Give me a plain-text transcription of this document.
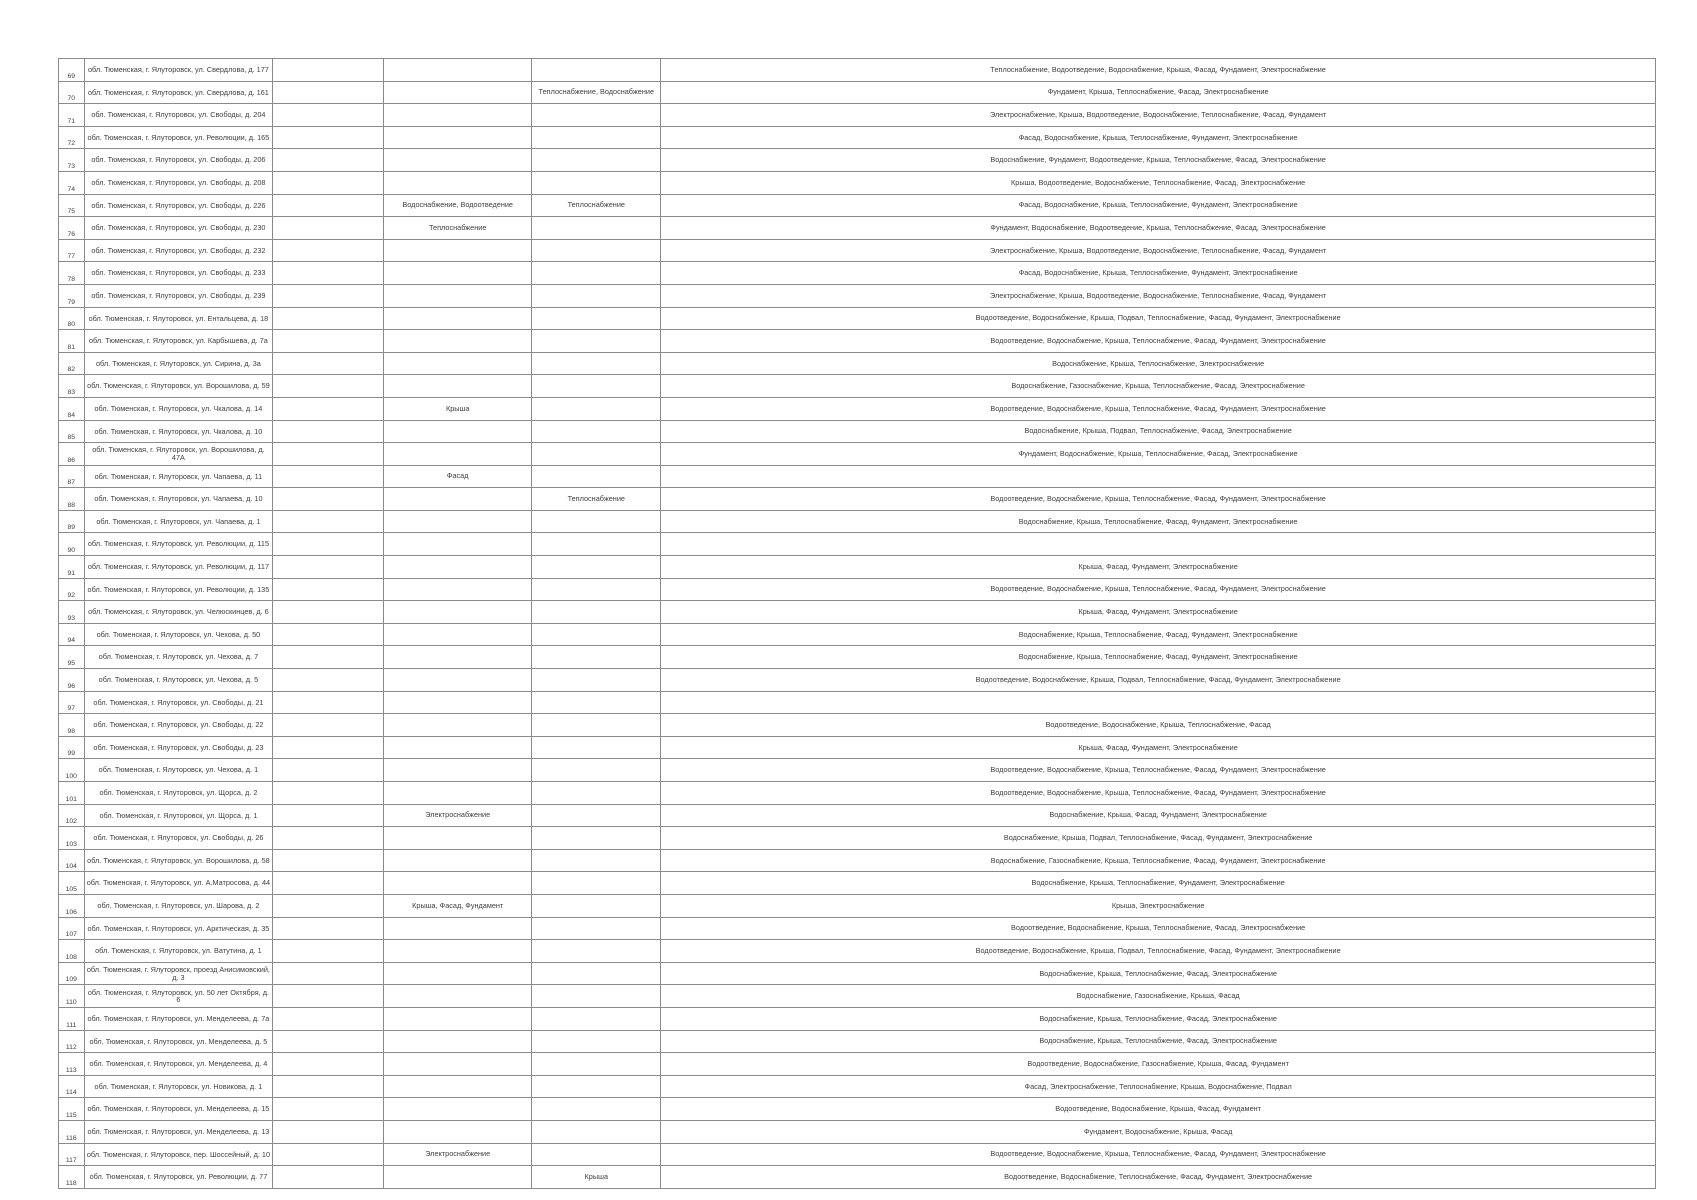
69	обл. Тюменская, г. Ялуторовск, ул. Свердлова, д. 177				Теплоснабжение, Водоотведение, Водоснабжение, Крыша, Фасад, Фундамент, Электроснабжение
70	обл. Тюменская, г. Ялуторовск, ул. Свердлова, д. 161			Теплоснабжение, Водоснабжение	Фундамент, Крыша, Теплоснабжение, Фасад, Электроснабжение
71	обл. Тюменская, г. Ялуторовск, ул. Свободы, д. 204				Электроснабжение, Крыша, Водоотведение, Водоснабжение, Теплоснабжение, Фасад, Фундамент
72	обл. Тюменская, г. Ялуторовск, ул. Революции, д. 165				Фасад, Водоснабжение, Крыша, Теплоснабжение, Фундамент, Электроснабжение
73	обл. Тюменская, г. Ялуторовск, ул. Свободы, д. 206				Водоснабжение, Фундамент, Водоотведение, Крыша, Теплоснабжение, Фасад, Электроснабжение
74	обл. Тюменская, г. Ялуторовск, ул. Свободы, д. 208				Крыша, Водоотведение, Водоснабжение, Теплоснабжение, Фасад, Электроснабжение
75	обл. Тюменская, г. Ялуторовск, ул. Свободы, д. 226		Водоснабжение, Водоотведение	Теплоснабжение	Фасад, Водоснабжение, Крыша, Теплоснабжение, Фундамент, Электроснабжение
76	обл. Тюменская, г. Ялуторовск, ул. Свободы, д. 230		Теплоснабжение		Фундамент, Водоснабжение, Водоотведение, Крыша, Теплоснабжение, Фасад, Электроснабжение
77	обл. Тюменская, г. Ялуторовск, ул. Свободы, д. 232				Электроснабжение, Крыша, Водоотведение, Водоснабжение, Теплоснабжение, Фасад, Фундамент
78	обл. Тюменская, г. Ялуторовск, ул. Свободы, д. 233				Фасад, Водоснабжение, Крыша, Теплоснабжение, Фундамент, Электроснабжение
79	обл. Тюменская, г. Ялуторовск, ул. Свободы, д. 239				Электроснабжение, Крыша, Водоотведение, Водоснабжение, Теплоснабжение, Фасад, Фундамент
80	обл. Тюменская, г. Ялуторовск, ул. Ентальцева, д. 18				Водоотведение, Водоснабжение, Крыша, Подвал, Теплоснабжение, Фасад, Фундамент, Электроснабжение
81	обл. Тюменская, г. Ялуторовск, ул. Карбышева, д. 7а				Водоотведение, Водоснабжение, Крыша, Теплоснабжение, Фасад, Фундамент, Электроснабжение
82	обл. Тюменская, г. Ялуторовск, ул. Сирина, д. 3а				Водоснабжение, Крыша, Теплоснабжение, Электроснабжение
83	обл. Тюменская, г. Ялуторовск, ул. Ворошилова, д. 59				Водоснабжение, Газоснабжение, Крыша, Теплоснабжение, Фасад, Электроснабжение
84	обл. Тюменская, г. Ялуторовск, ул. Чкалова, д. 14		Крыша		Водоотведение, Водоснабжение, Крыша, Теплоснабжение, Фасад, Фундамент, Электроснабжение
85	обл. Тюменская, г. Ялуторовск, ул. Чкалова, д. 10				Водоснабжение, Крыша, Подвал, Теплоснабжение, Фасад, Электроснабжение
86	обл. Тюменская, г. Ялуторовск, ул. Ворошилова, д. 47А				Фундамент, Водоснабжение, Крыша, Теплоснабжение, Фасад, Электроснабжение
87	обл. Тюменская, г. Ялуторовск, ул. Чапаева, д. 11		Фасад		
88	обл. Тюменская, г. Ялуторовск, ул. Чапаева, д. 10			Теплоснабжение	Водоотведение, Водоснабжение, Крыша, Теплоснабжение, Фасад, Фундамент, Электроснабжение
89	обл. Тюменская, г. Ялуторовск, ул. Чапаева, д. 1				Водоснабжение, Крыша, Теплоснабжение, Фасад, Фундамент, Электроснабжение
90	обл. Тюменская, г. Ялуторовск, ул. Революции, д. 115				
91	обл. Тюменская, г. Ялуторовск, ул. Революции, д. 117				Крыша, Фасад, Фундамент, Электроснабжение
92	обл. Тюменская, г. Ялуторовск, ул. Революции, д. 135				Водоотведение, Водоснабжение, Крыша, Теплоснабжение, Фасад, Фундамент, Электроснабжение
93	обл. Тюменская, г. Ялуторовск, ул. Челюскинцев, д. 6				Крыша, Фасад, Фундамент, Электроснабжение
94	обл. Тюменская, г. Ялуторовск, ул. Чехова, д. 50				Водоснабжение, Крыша, Теплоснабжение, Фасад, Фундамент, Электроснабжение
95	обл. Тюменская, г. Ялуторовск, ул. Чехова, д. 7				Водоснабжение, Крыша, Теплоснабжение, Фасад, Фундамент, Электроснабжение
96	обл. Тюменская, г. Ялуторовск, ул. Чехова, д. 5				Водоотведение, Водоснабжение, Крыша, Подвал, Теплоснабжение, Фасад, Фундамент, Электроснабжение
97	обл. Тюменская, г. Ялуторовск, ул. Свободы, д. 21				
98	обл. Тюменская, г. Ялуторовск, ул. Свободы, д. 22				Водоотведение, Водоснабжение, Крыша, Теплоснабжение, Фасад
99	обл. Тюменская, г. Ялуторовск, ул. Свободы, д. 23				Крыша, Фасад, Фундамент, Электроснабжение
100	обл. Тюменская, г. Ялуторовск, ул. Чехова, д. 1				Водоотведение, Водоснабжение, Крыша, Теплоснабжение, Фасад, Фундамент, Электроснабжение
101	обл. Тюменская, г. Ялуторовск, ул. Щорса, д. 2				Водоотведение, Водоснабжение, Крыша, Теплоснабжение, Фасад, Фундамент, Электроснабжение
102	обл. Тюменская, г. Ялуторовск, ул. Щорса, д. 1		Электроснабжение		Водоснабжение, Крыша, Фасад, Фундамент, Электроснабжение
103	обл. Тюменская, г. Ялуторовск, ул. Свободы, д. 26				Водоснабжение, Крыша, Подвал, Теплоснабжение, Фасад, Фундамент, Электроснабжение
104	обл. Тюменская, г. Ялуторовск, ул. Ворошилова, д. 58				Водоснабжение, Газоснабжение, Крыша, Теплоснабжение, Фасад, Фундамент, Электроснабжение
105	обл. Тюменская, г. Ялуторовск, ул. А.Матросова, д. 44				Водоснабжение, Крыша, Теплоснабжение, Фундамент, Электроснабжение
106	обл. Тюменская, г. Ялуторовск, ул. Шарова, д. 2		Крыша, Фасад, Фундамент		Крыша, Электроснабжение
107	обл. Тюменская, г. Ялуторовск, ул. Арктическая, д. 35				Водоотведение, Водоснабжение, Крыша, Теплоснабжение, Фасад, Электроснабжение
108	обл. Тюменская, г. Ялуторовск, ул. Ватутина, д. 1				Водоотведение, Водоснабжение, Крыша, Подвал, Теплоснабжение, Фасад, Фундамент, Электроснабжение
109	обл. Тюменская, г. Ялуторовск, проезд Анисимовский, д. 3				Водоснабжение, Крыша, Теплоснабжение, Фасад, Электроснабжение
110	обл. Тюменская, г. Ялуторовск, ул. 50 лет Октября, д. 6				Водоснабжение, Газоснабжение, Крыша, Фасад
111	обл. Тюменская, г. Ялуторовск, ул. Менделеева, д. 7а				Водоснабжение, Крыша, Теплоснабжение, Фасад, Электроснабжение
112	обл. Тюменская, г. Ялуторовск, ул. Менделеева, д. 5				Водоснабжение, Крыша, Теплоснабжение, Фасад, Электроснабжение
113	обл. Тюменская, г. Ялуторовск, ул. Менделеева, д. 4				Водоотведение, Водоснабжение, Газоснабжение, Крыша, Фасад, Фундамент
114	обл. Тюменская, г. Ялуторовск, ул. Новикова, д. 1				Фасад, Электроснабжение, Теплоснабжение, Крыша, Водоснабжение, Подвал
115	обл. Тюменская, г. Ялуторовск, ул. Менделеева, д. 15				Водоотведение, Водоснабжение, Крыша, Фасад, Фундамент
116	обл. Тюменская, г. Ялуторовск, ул. Менделеева, д. 13				Фундамент, Водоснабжение, Крыша, Фасад
117	обл. Тюменская, г. Ялуторовск, пер. Шоссейный, д. 10		Электроснабжение		Водоотведение, Водоснабжение, Крыша, Теплоснабжение, Фасад, Фундамент, Электроснабжение
118	обл. Тюменская, г. Ялуторовск, ул. Революции, д. 77			Крыша	Водоотведение, Водоснабжение, Теплоснабжение, Фасад, Фундамент, Электроснабжение
